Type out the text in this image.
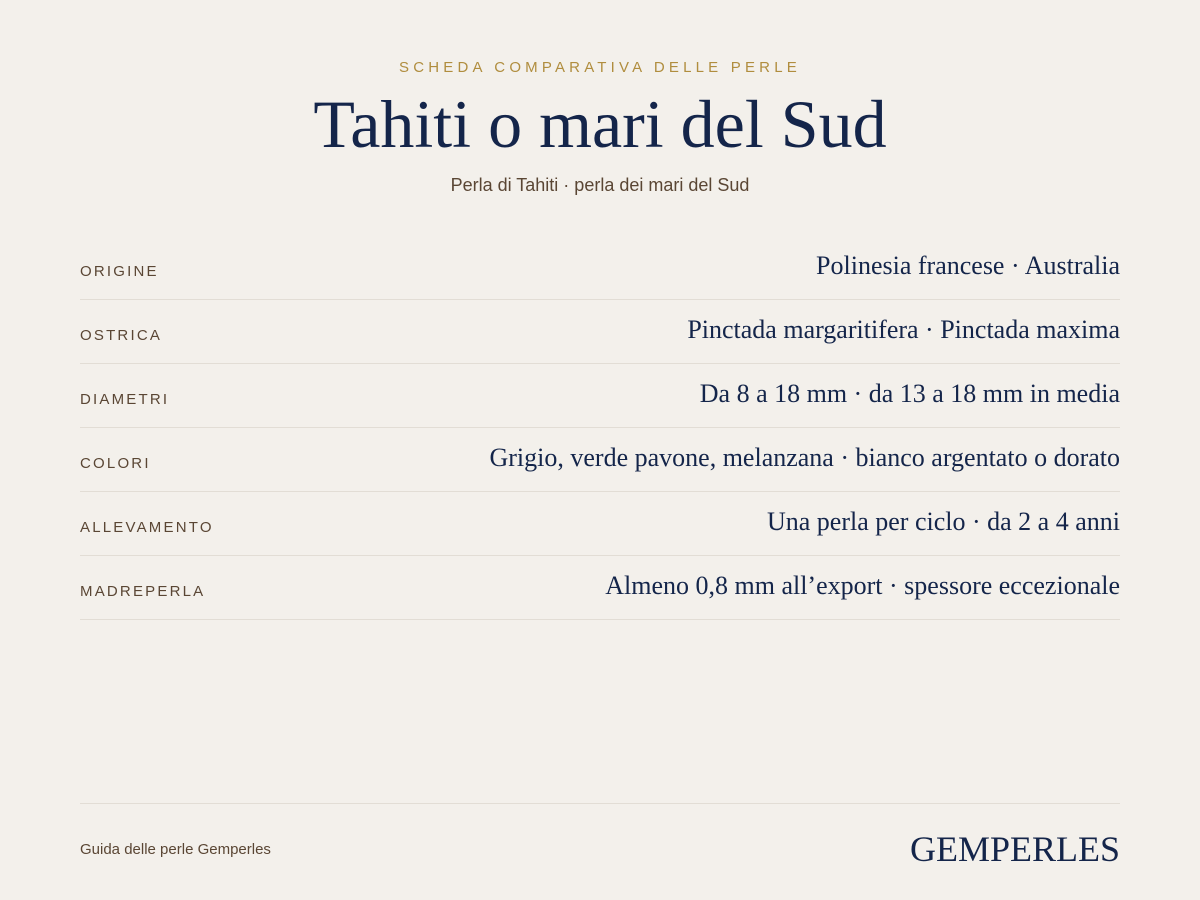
SCHEDA COMPARATIVA DELLE PERLE
Tahiti o mari del Sud
Perla di Tahiti · perla dei mari del Sud
ORIGINE	Polinesia francese · Australia
OSTRICA	Pinctada margaritifera · Pinctada maxima
DIAMETRI	Da 8 a 18 mm · da 13 a 18 mm in media
COLORI	Grigio, verde pavone, melanzana · bianco argentato o dorato
ALLEVAMENTO	Una perla per ciclo · da 2 a 4 anni
MADREPERLA	Almeno 0,8 mm all’export · spessore eccezionale
Guida delle perle Gemperles	GEMPERLES
